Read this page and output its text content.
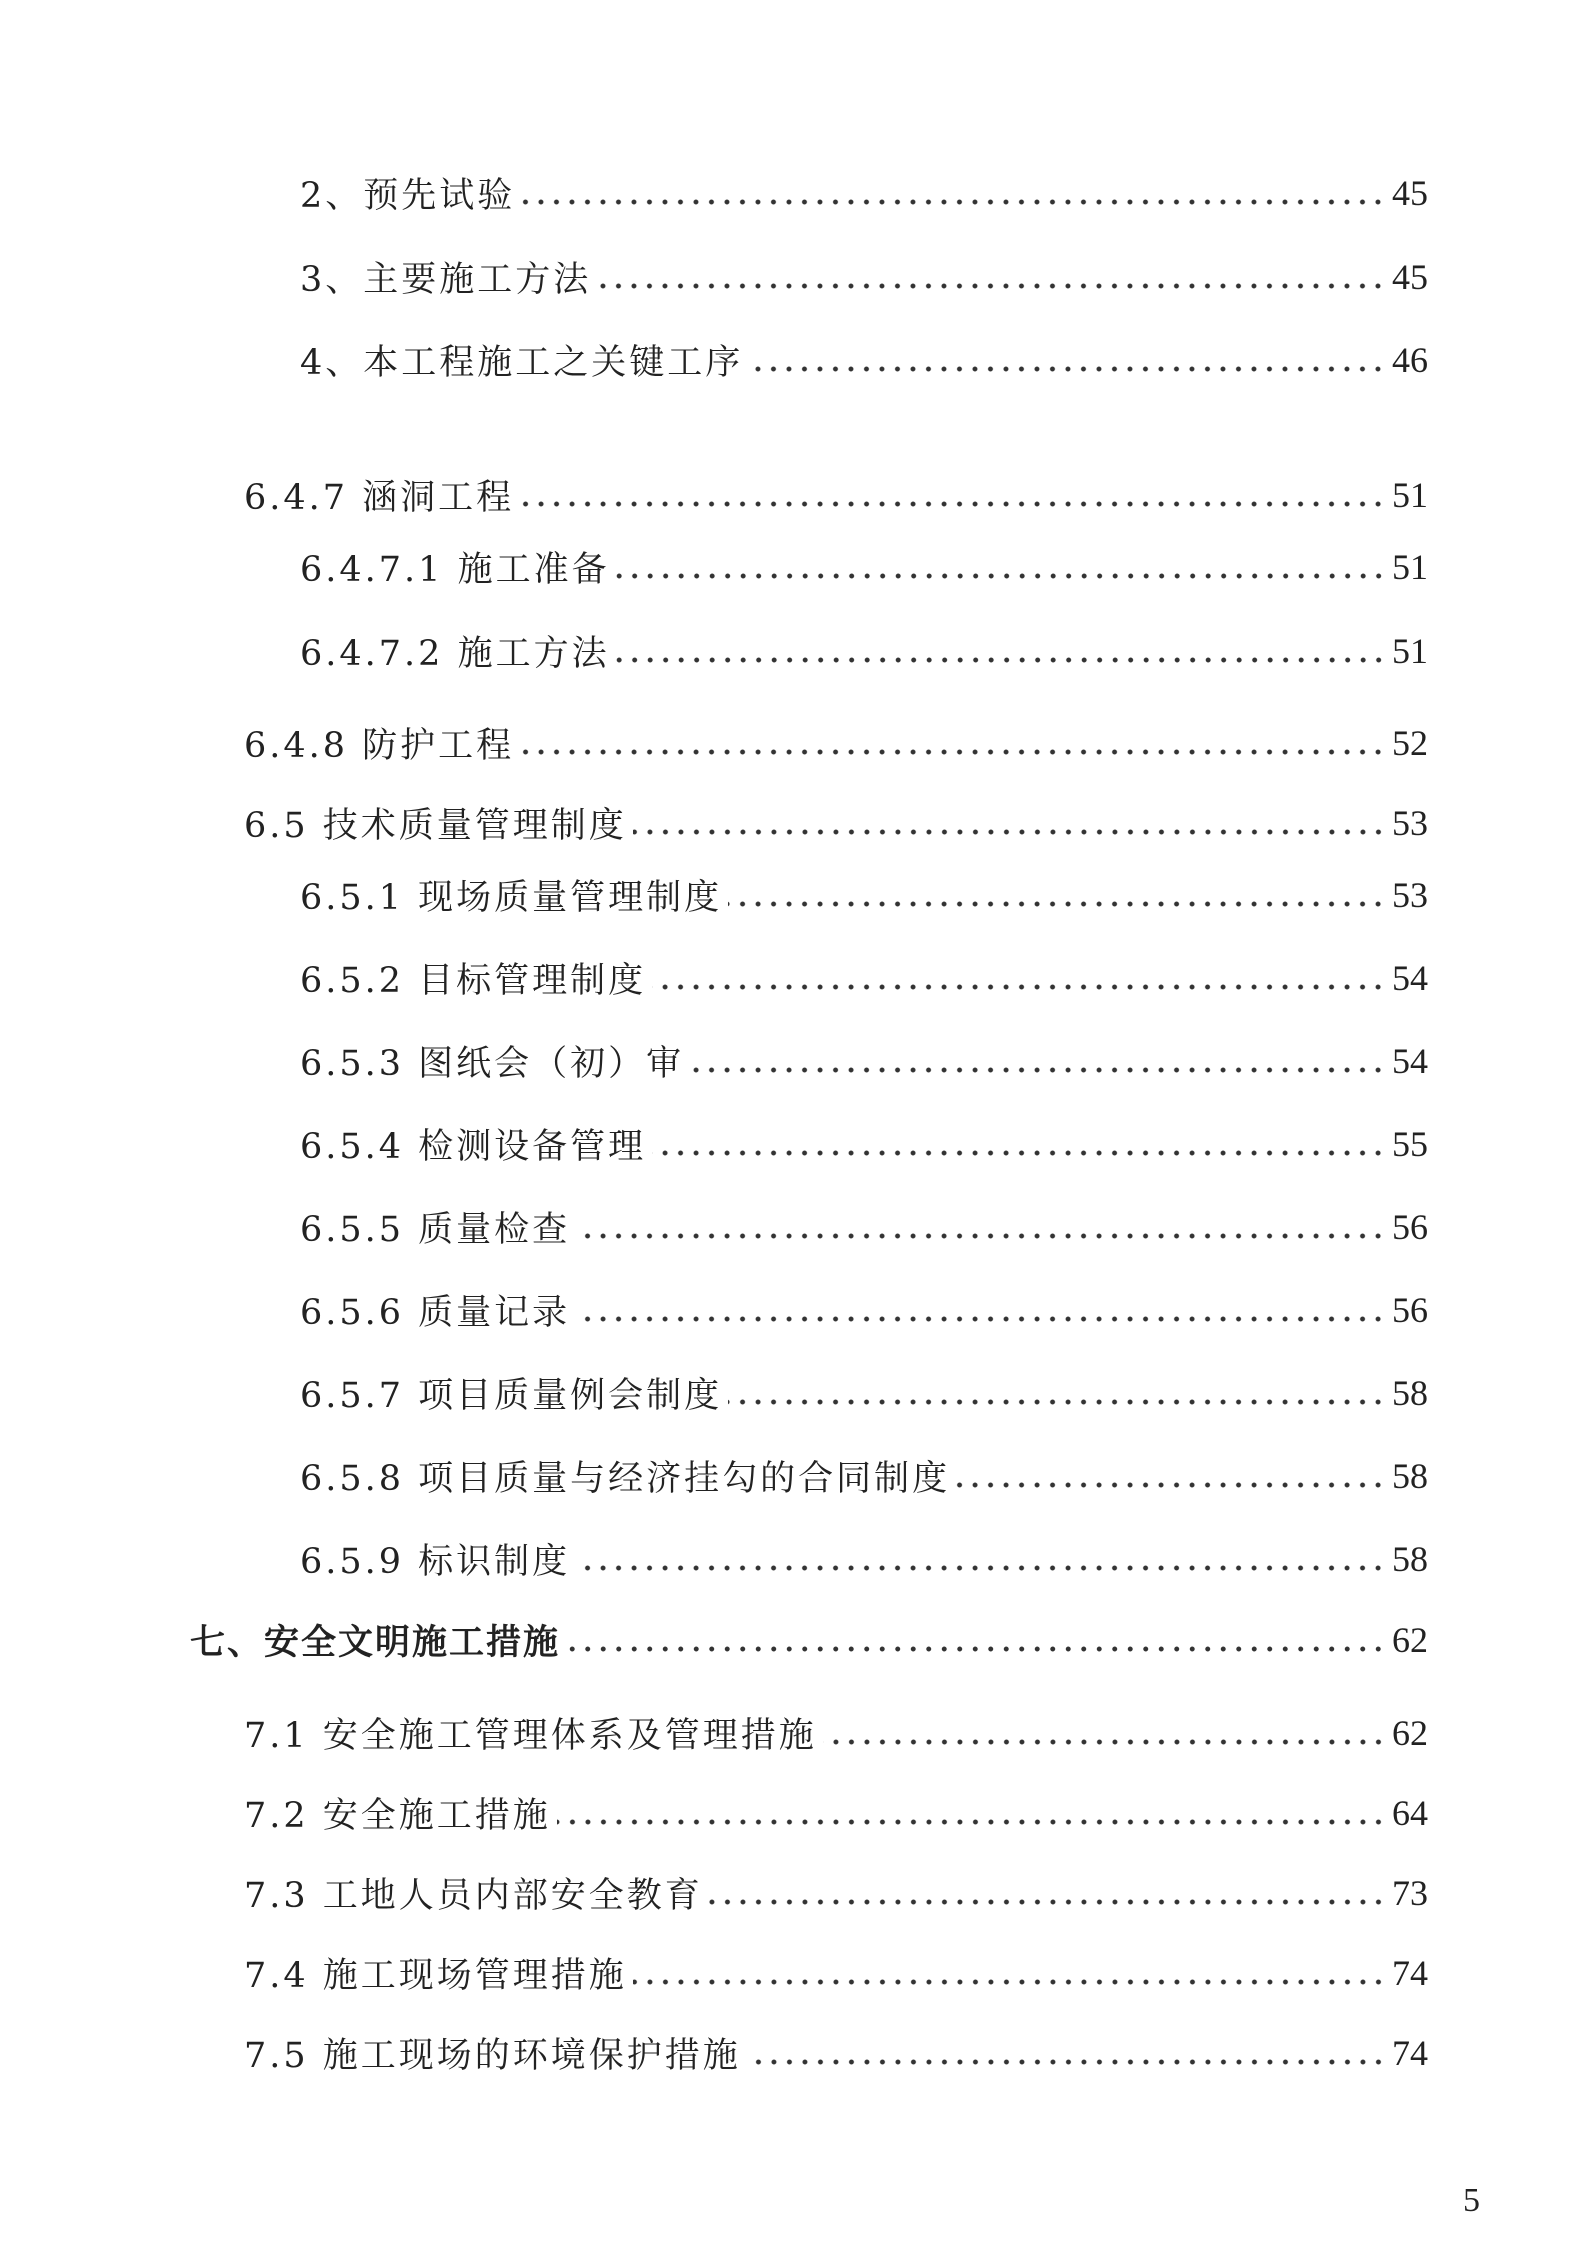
2、预先试验	45
3、主要施工方法	45
4、本工程施工之关键工序	46
6.4.7 涵洞工程	51
6.4.7.1 施工准备	51
6.4.7.2 施工方法	51
6.4.8 防护工程	52
6.5 技术质量管理制度	53
6.5.1 现场质量管理制度	53
6.5.2 目标管理制度	54
6.5.3 图纸会（初）审	54
6.5.4 检测设备管理	55
6.5.5 质量检查	56
6.5.6 质量记录	56
6.5.7 项目质量例会制度	58
6.5.8 项目质量与经济挂勾的合同制度	58
6.5.9 标识制度	58
七、安全文明施工措施	62
7.1 安全施工管理体系及管理措施	62
7.2 安全施工措施	64
7.3 工地人员内部安全教育	73
7.4 施工现场管理措施	74
7.5 施工现场的环境保护措施	74
5
